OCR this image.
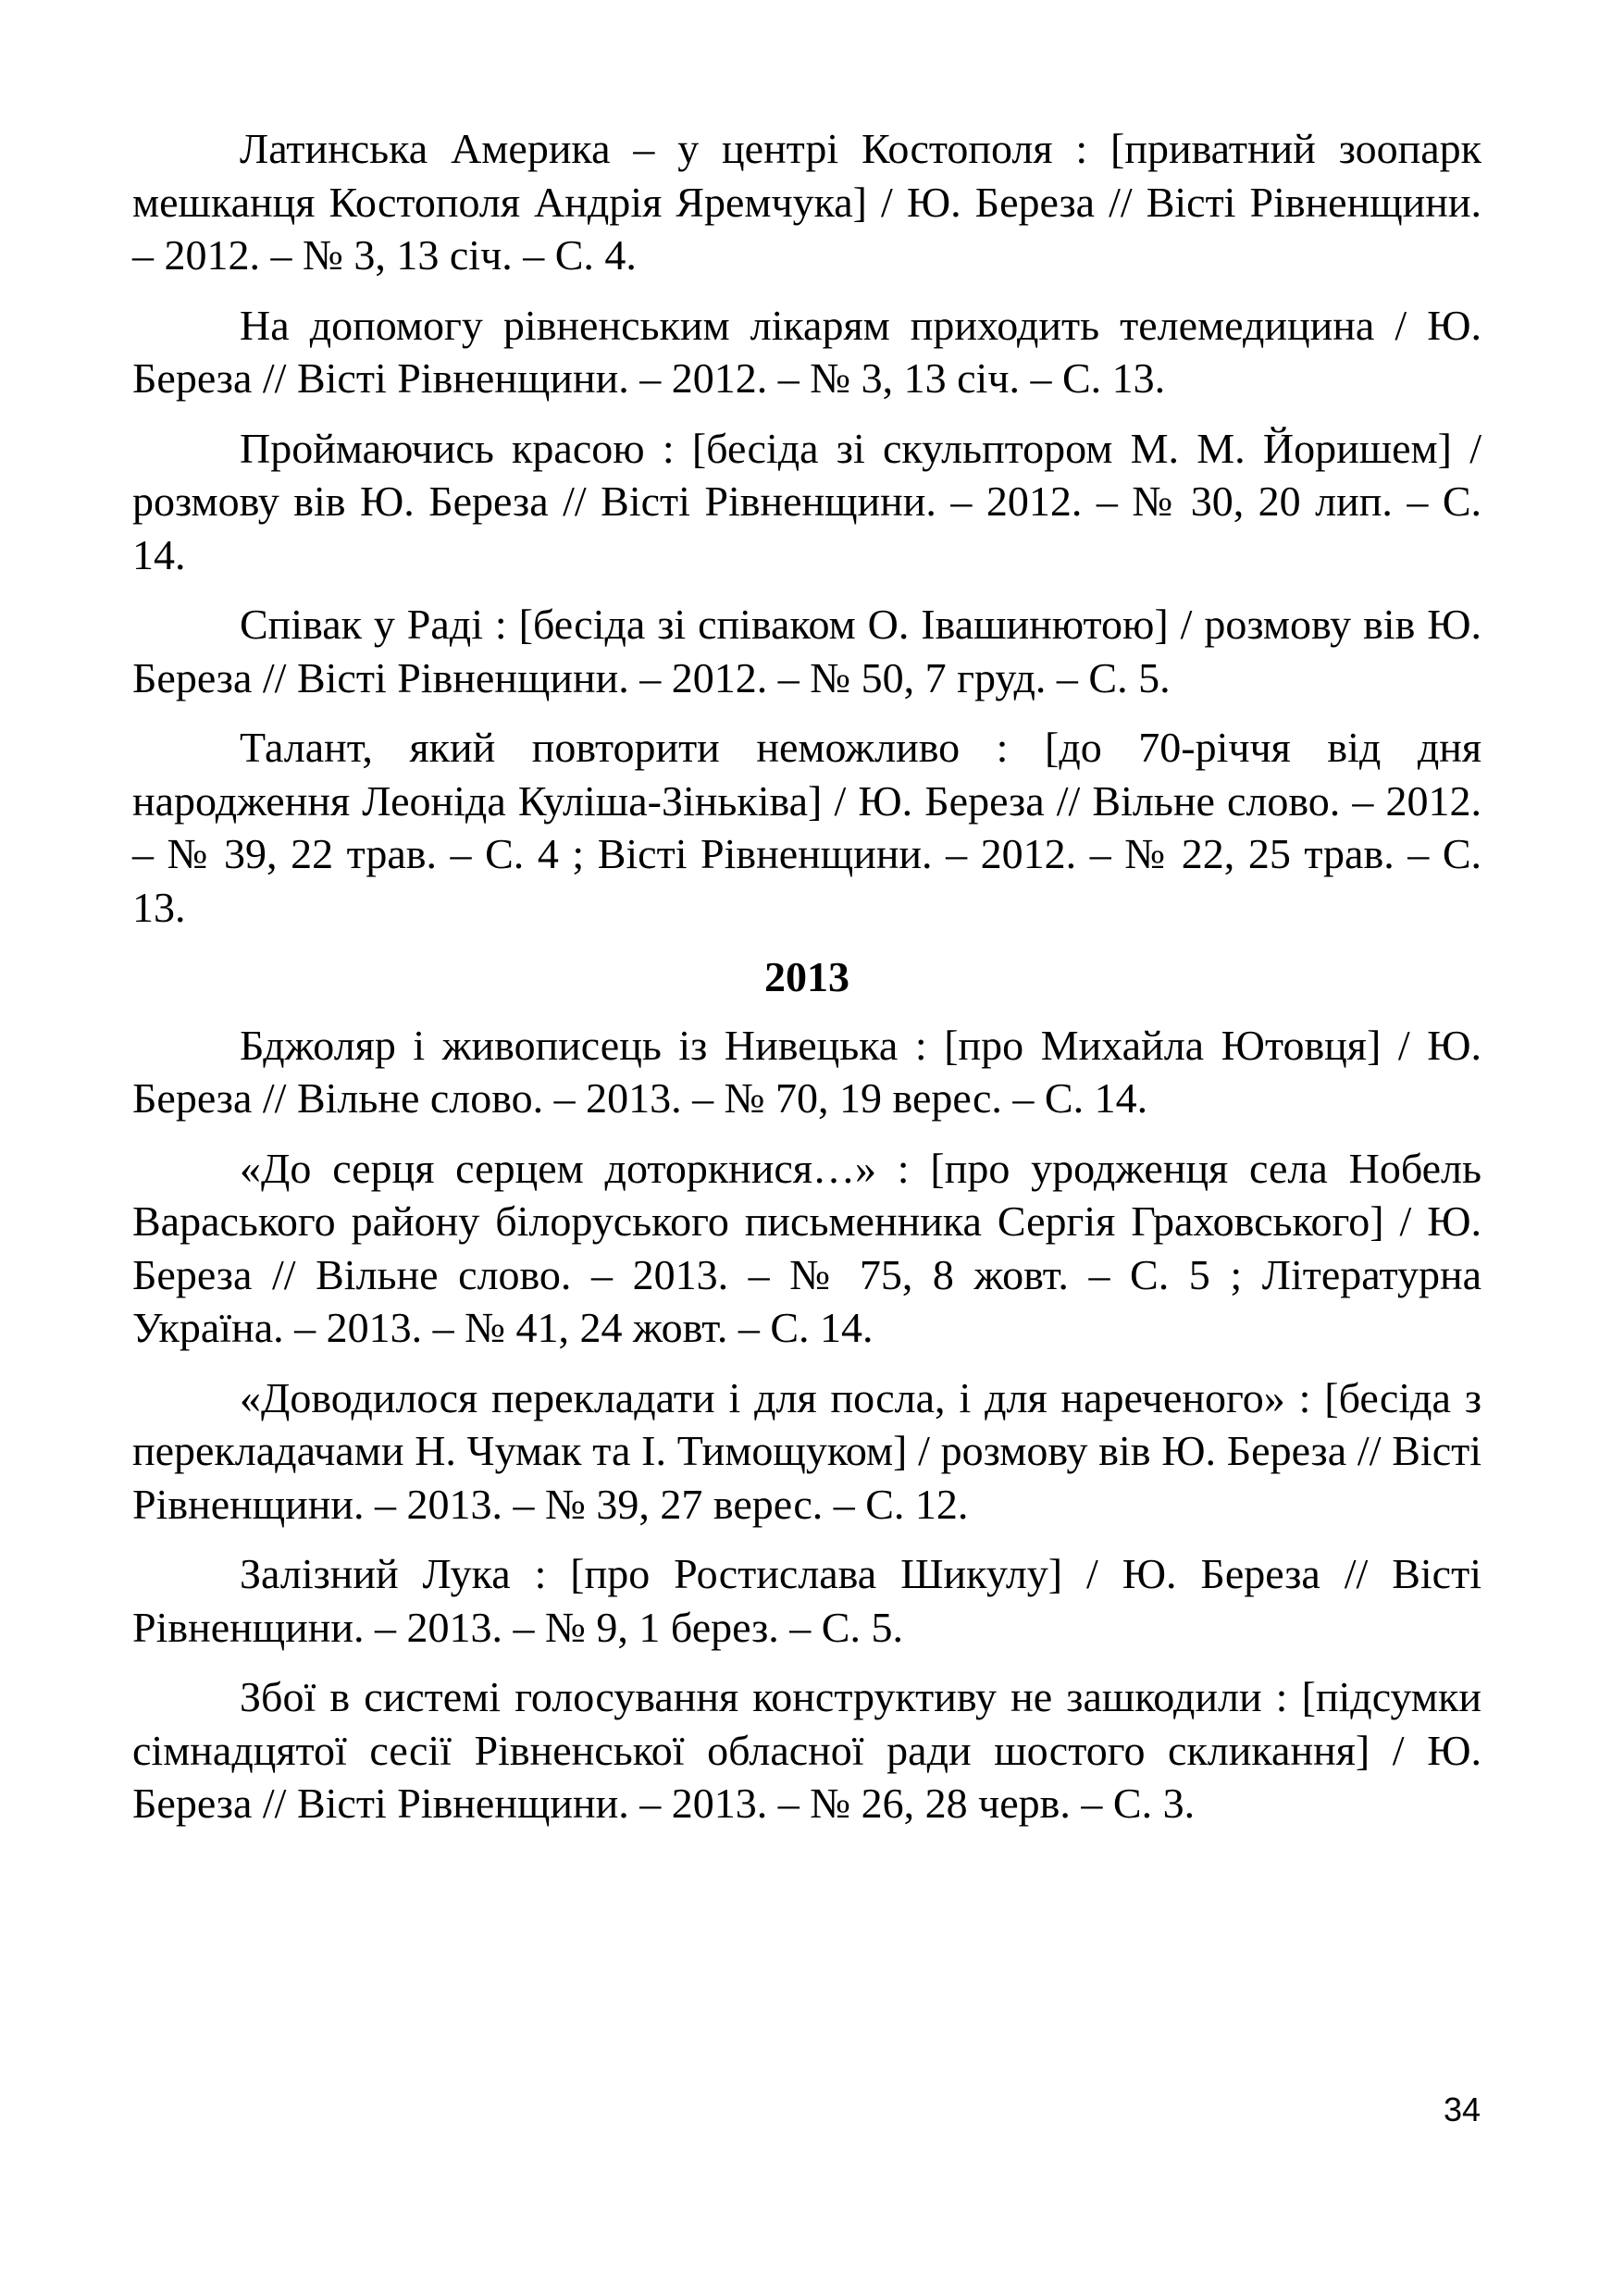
Латинська Америка – у центрі Костополя : [приватний зоопарк мешканця Костополя Андрія Яремчука] / Ю. Береза // Вісті Рівненщини. – 2012. – № 3, 13 січ. – С. 4.

На допомогу рівненським лікарям приходить телемедицина / Ю. Береза // Вісті Рівненщини. – 2012. – № 3, 13 січ. – С. 13.

Проймаючись красою : [бесіда зі скульптором М. М. Йоришем] / розмову вів Ю. Береза // Вісті Рівненщини. – 2012. – № 30, 20 лип. – С. 14.

Співак у Раді : [бесіда зі співаком О. Івашинютою] / розмову вів Ю. Береза // Вісті Рівненщини. – 2012. – № 50, 7 груд. – С. 5.

Талант, який повторити неможливо : [до 70-річчя від дня народження Леоніда Куліша-Зіньківа] / Ю. Береза // Вільне слово. – 2012. – № 39, 22 трав. – С. 4 ; Вісті Рівненщини. – 2012. – № 22, 25 трав. – С. 13.

2013

Бджоляр і живописець із Нивецька : [про Михайла Ютовця] / Ю. Береза // Вільне слово. – 2013. – № 70, 19 верес. – С. 14.

«До серця серцем доторкнися…» : [про уродженця села Нобель Вараського району білоруського письменника Сергія Граховського] / Ю. Береза // Вільне слово. – 2013. – № 75, 8 жовт. – С. 5 ; Літературна Україна. – 2013. – № 41, 24 жовт. – С. 14.

«Доводилося перекладати і для посла, і для нареченого» : [бесіда з перекладачами Н. Чумак та І. Тимощуком] / розмову вів Ю. Береза // Вісті Рівненщини. – 2013. – № 39, 27 верес. – С. 12.

Залізний Лука : [про Ростислава Шикулу] / Ю. Береза // Вісті Рівненщини. – 2013. – № 9, 1 берез. – С. 5.

Збої в системі голосування конструктиву не зашкодили : [підсумки сімнадцятої сесії Рівненської обласної ради шостого скликання] / Ю. Береза // Вісті Рівненщини. – 2013. – № 26, 28 черв. – С. 3.

34
